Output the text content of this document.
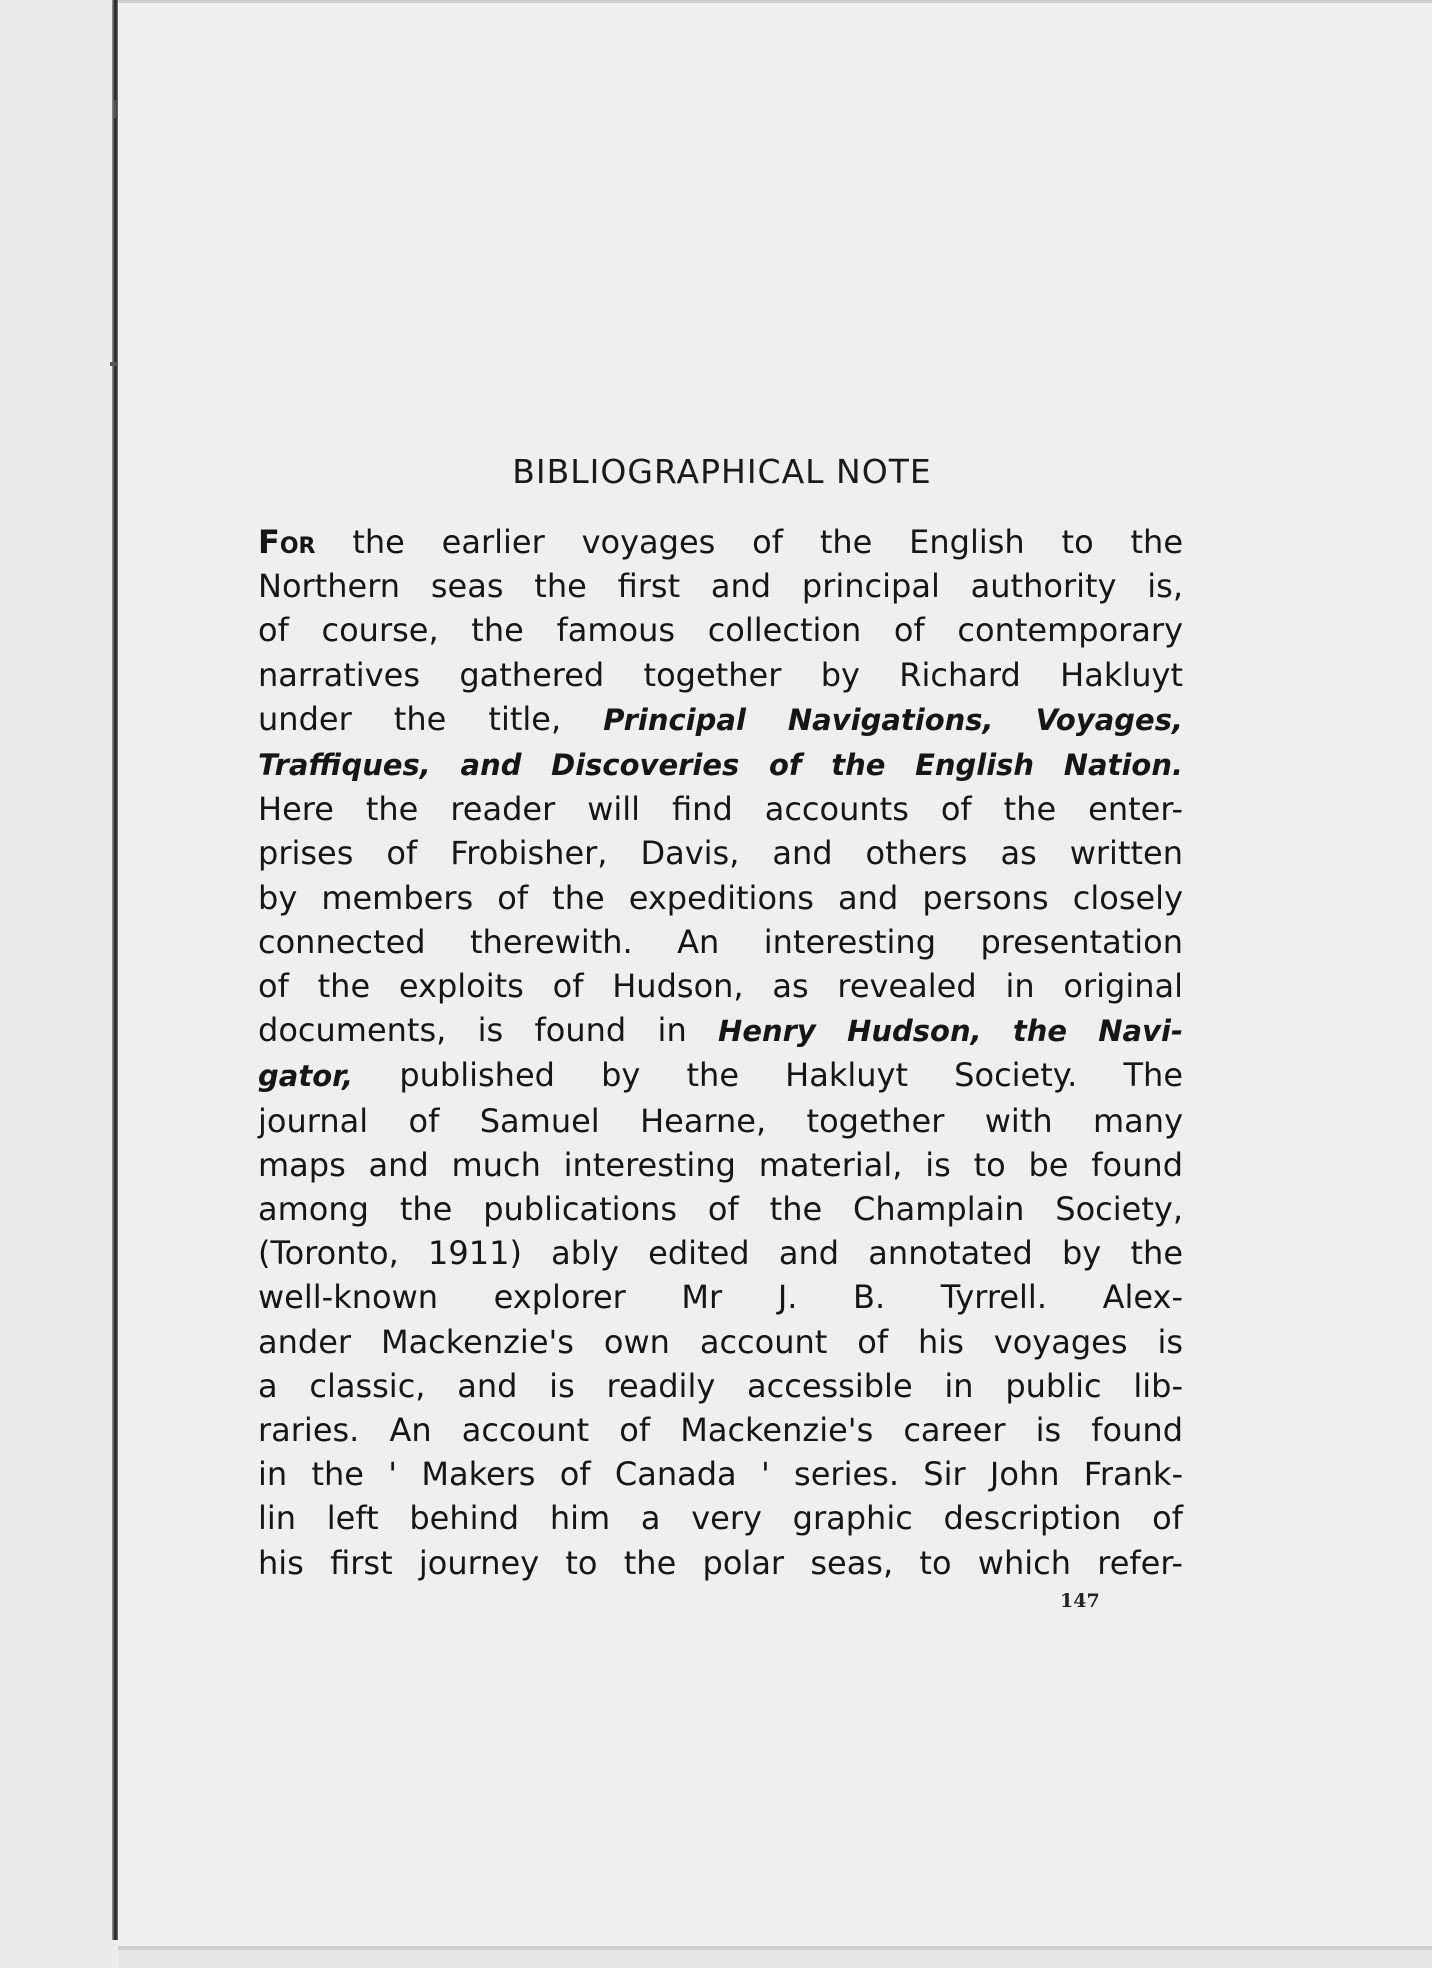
BIBLIOGRAPHICAL NOTE
For the earlier voyages of the English to the
Northern seas the first and principal authority is,
of course, the famous collection of contemporary
narratives gathered together by Richard Hakluyt
under the title, Principal Navigations, Voyages,
Traffiques, and Discoveries of the English Nation.
Here the reader will find accounts of the enter-
prises of Frobisher, Davis, and others as written
by members of the expeditions and persons closely
connected therewith. An interesting presentation
of the exploits of Hudson, as revealed in original
documents, is found in Henry Hudson, the Navi-
gator, published by the Hakluyt Society. The
journal of Samuel Hearne, together with many
maps and much interesting material, is to be found
among the publications of the Champlain Society,
(Toronto, 1911) ably edited and annotated by the
well-known explorer Mr J. B. Tyrrell. Alex-
ander Mackenzie's own account of his voyages is
a classic, and is readily accessible in public lib-
raries. An account of Mackenzie's career is found
in the ' Makers of Canada ' series. Sir John Frank-
lin left behind him a very graphic description of
his first journey to the polar seas, to which refer-
147
